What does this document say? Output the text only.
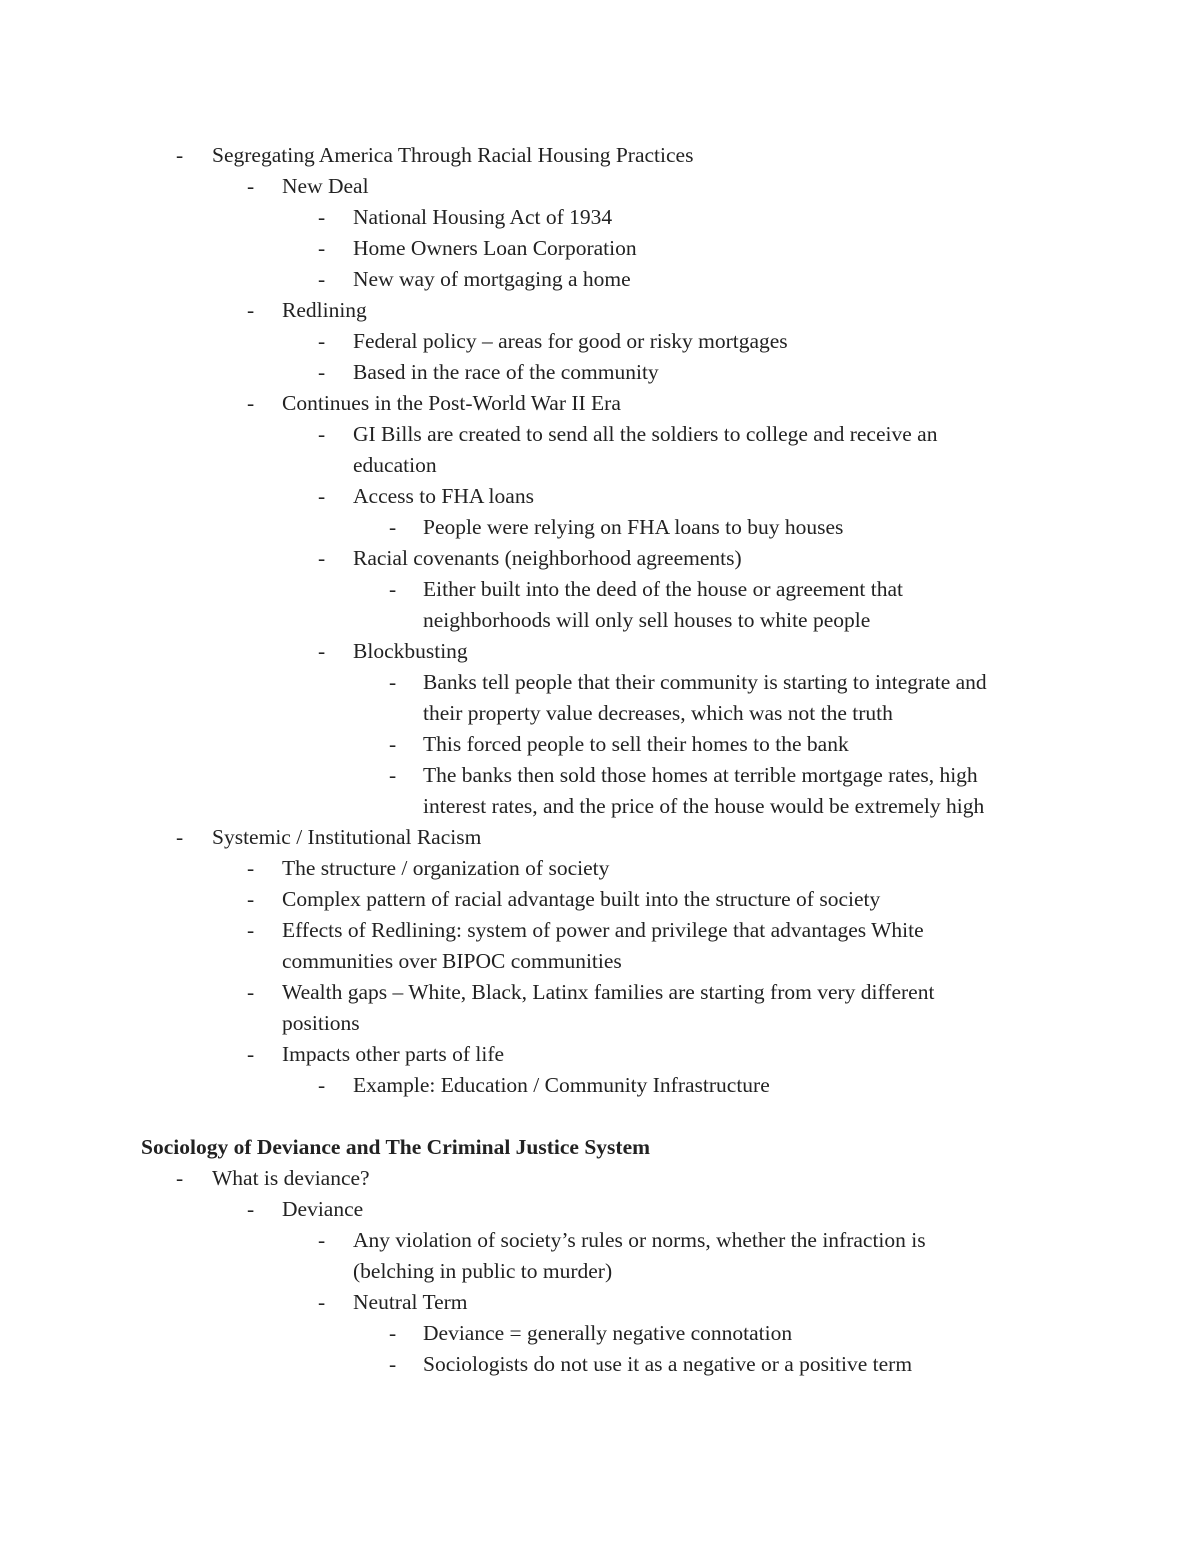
- Segregating America Through Racial Housing Practices
- New Deal
- National Housing Act of 1934
- Home Owners Loan Corporation
- New way of mortgaging a home
- Redlining
- Federal policy – areas for good or risky mortgages
- Based in the race of the community
- Continues in the Post-World War II Era
- GI Bills are created to send all the soldiers to college and receive an
education
- Access to FHA loans
- People were relying on FHA loans to buy houses
- Racial covenants (neighborhood agreements)
- Either built into the deed of the house or agreement that
neighborhoods will only sell houses to white people
- Blockbusting
- Banks tell people that their community is starting to integrate and
their property value decreases, which was not the truth
- This forced people to sell their homes to the bank
- The banks then sold those homes at terrible mortgage rates, high
interest rates, and the price of the house would be extremely high
- Systemic / Institutional Racism
- The structure / organization of society
- Complex pattern of racial advantage built into the structure of society
- Effects of Redlining: system of power and privilege that advantages White
communities over BIPOC communities
- Wealth gaps – White, Black, Latinx families are starting from very different
positions
- Impacts other parts of life
- Example: Education / Community Infrastructure
Sociology of Deviance and The Criminal Justice System
- What is deviance?
- Deviance
- Any violation of society’s rules or norms, whether the infraction is
(belching in public to murder)
- Neutral Term
- Deviance = generally negative connotation
- Sociologists do not use it as a negative or a positive term
